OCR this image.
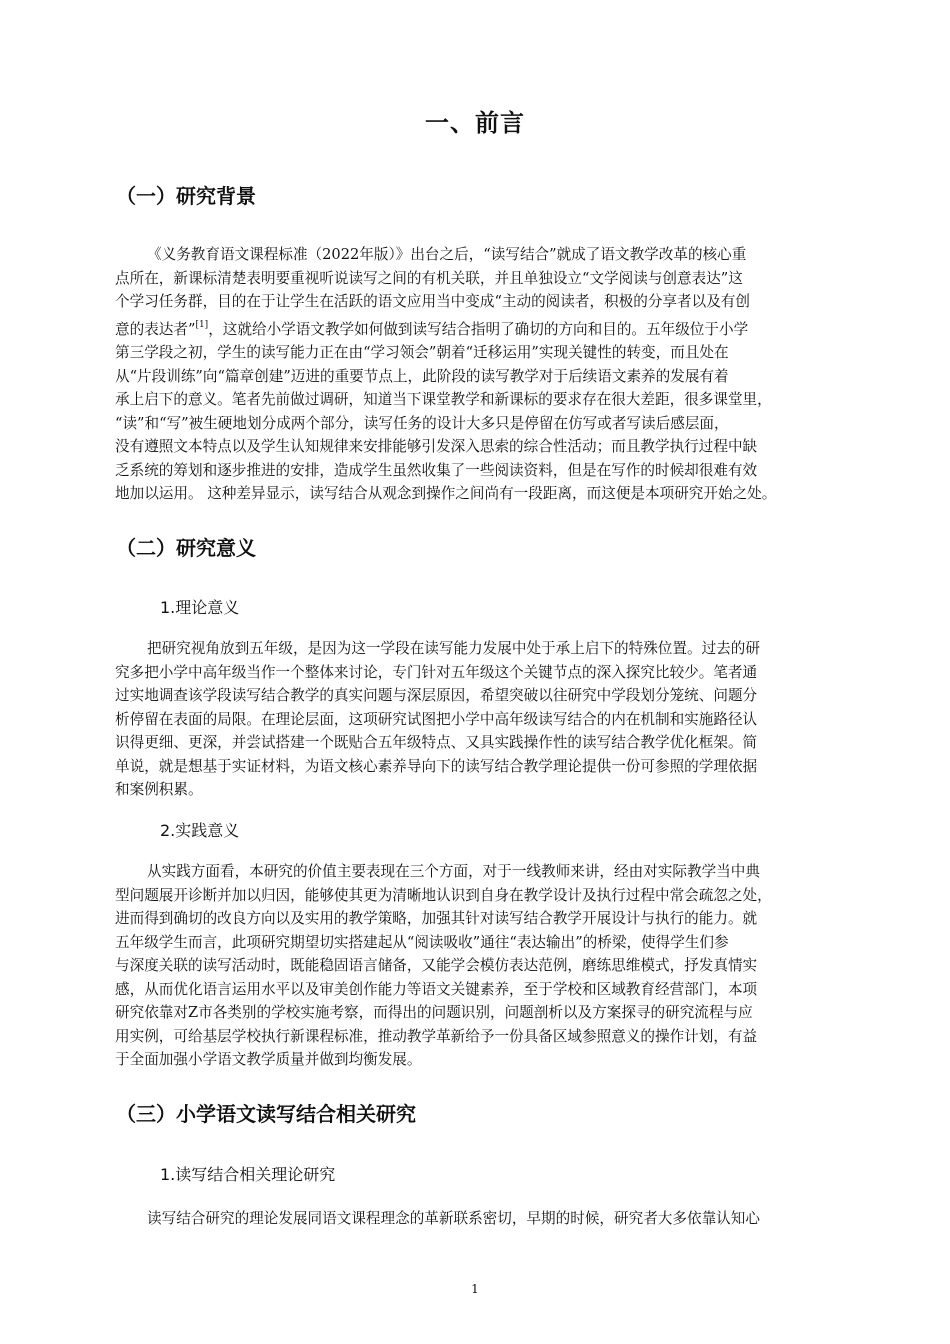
一、前言
（一）研究背景
《义务教育语文课程标准（2022年版）》出台之后，“读写结合”就成了语文教学改革的核心重
点所在，新课标清楚表明要重视听说读写之间的有机关联，并且单独设立“文学阅读与创意表达”这
个学习任务群，目的在于让学生在活跃的语文应用当中变成“主动的阅读者，积极的分享者以及有创
意的表达者”[1]，这就给小学语文教学如何做到读写结合指明了确切的方向和目的。五年级位于小学
第三学段之初，学生的读写能力正在由“学习领会”朝着“迁移运用”实现关键性的转变，而且处在
从“片段训练”向“篇章创建”迈进的重要节点上，此阶段的读写教学对于后续语文素养的发展有着
承上启下的意义。笔者先前做过调研，知道当下课堂教学和新课标的要求存在很大差距，很多课堂里，
“读”和“写”被生硬地划分成两个部分，读写任务的设计大多只是停留在仿写或者写读后感层面，
没有遵照文本特点以及学生认知规律来安排能够引发深入思索的综合性活动；而且教学执行过程中缺
乏系统的筹划和逐步推进的安排，造成学生虽然收集了一些阅读资料，但是在写作的时候却很难有效
地加以运用。 这种差异显示，读写结合从观念到操作之间尚有一段距离，而这便是本项研究开始之处。
（二）研究意义
1.理论意义
把研究视角放到五年级，是因为这一学段在读写能力发展中处于承上启下的特殊位置。过去的研
究多把小学中高年级当作一个整体来讨论，专门针对五年级这个关键节点的深入探究比较少。笔者通
过实地调查该学段读写结合教学的真实问题与深层原因，希望突破以往研究中学段划分笼统、问题分
析停留在表面的局限。在理论层面，这项研究试图把小学中高年级读写结合的内在机制和实施路径认
识得更细、更深，并尝试搭建一个既贴合五年级特点、又具实践操作性的读写结合教学优化框架。简
单说，就是想基于实证材料，为语文核心素养导向下的读写结合教学理论提供一份可参照的学理依据
和案例积累。
2.实践意义
从实践方面看，本研究的价值主要表现在三个方面，对于一线教师来讲，经由对实际教学当中典
型问题展开诊断并加以归因，能够使其更为清晰地认识到自身在教学设计及执行过程中常会疏忽之处，
进而得到确切的改良方向以及实用的教学策略，加强其针对读写结合教学开展设计与执行的能力。就
五年级学生而言，此项研究期望切实搭建起从“阅读吸收”通往“表达输出”的桥梁，使得学生们参
与深度关联的读写活动时，既能稳固语言储备，又能学会模仿表达范例，磨练思维模式，抒发真情实
感，从而优化语言运用水平以及审美创作能力等语文关键素养，至于学校和区域教育经营部门，本项
研究依靠对Z市各类别的学校实施考察，而得出的问题识别，问题剖析以及方案探寻的研究流程与应
用实例，可给基层学校执行新课程标准，推动教学革新给予一份具备区域参照意义的操作计划，有益
于全面加强小学语文教学质量并做到均衡发展。
（三）小学语文读写结合相关研究
1.读写结合相关理论研究
读写结合研究的理论发展同语文课程理念的革新联系密切，早期的时候，研究者大多依靠认知心
1
